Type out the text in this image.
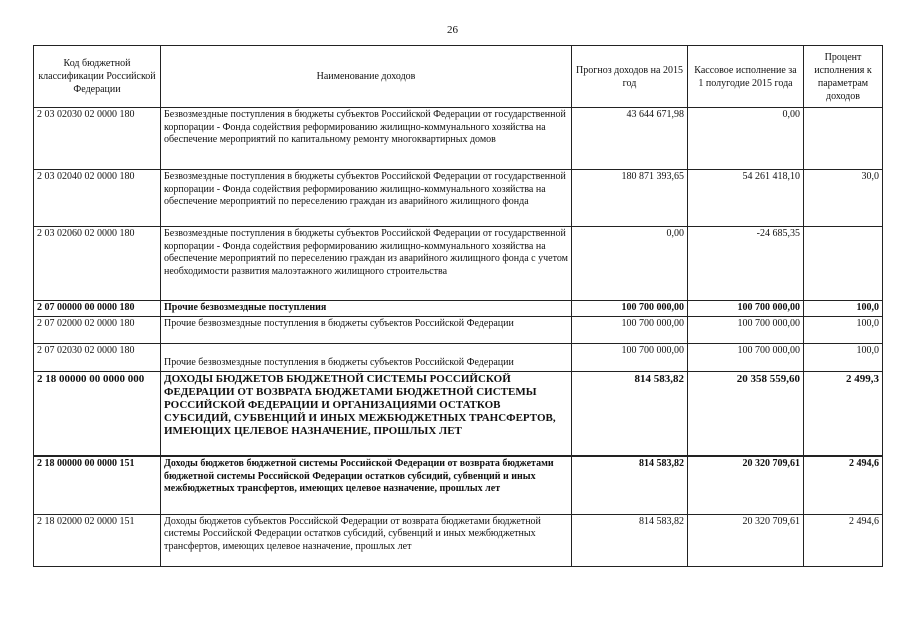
26
Код бюджетной классификации Российской Федерации	Наименование доходов	Прогноз доходов на 2015 год	Кассовое исполнение за 1 полугодие 2015 года	Процент исполнения к параметрам доходов
2 03 02030 02 0000 180	Безвозмездные поступления в бюджеты субъектов Российской Федерации от государственной корпорации - Фонда содействия реформированию жилищно-коммунального хозяйства на обеспечение мероприятий по капитальному ремонту многоквартирных домов	43 644 671,98	0,00	
2 03 02040 02 0000 180	Безвозмездные поступления в бюджеты субъектов Российской Федерации от государственной корпорации - Фонда содействия реформированию жилищно-коммунального хозяйства на обеспечение мероприятий по переселению граждан из аварийного жилищного фонда	180 871 393,65	54 261 418,10	30,0
2 03 02060 02 0000 180	Безвозмездные поступления в бюджеты субъектов Российской Федерации от государственной корпорации - Фонда содействия реформированию жилищно-коммунального хозяйства на обеспечение мероприятий по переселению граждан из аварийного жилищного фонда с учетом необходимости развития малоэтажного жилищного строительства	0,00	-24 685,35	
2 07 00000 00 0000 180	Прочие безвозмездные поступления	100 700 000,00	100 700 000,00	100,0
2 07 02000 02 0000 180	Прочие безвозмездные поступления в бюджеты субъектов Российской Федерации	100 700 000,00	100 700 000,00	100,0
2 07 02030 02 0000 180	Прочие безвозмездные поступления в бюджеты субъектов Российской Федерации	100 700 000,00	100 700 000,00	100,0
2 18 00000 00 0000 000	ДОХОДЫ БЮДЖЕТОВ БЮДЖЕТНОЙ СИСТЕМЫ РОССИЙСКОЙ ФЕДЕРАЦИИ ОТ ВОЗВРАТА БЮДЖЕТАМИ БЮДЖЕТНОЙ СИСТЕМЫ РОССИЙСКОЙ ФЕДЕРАЦИИ И ОРГАНИЗАЦИЯМИ ОСТАТКОВ СУБСИДИЙ, СУБВЕНЦИЙ И ИНЫХ МЕЖБЮДЖЕТНЫХ ТРАНСФЕРТОВ, ИМЕЮЩИХ ЦЕЛЕВОЕ НАЗНАЧЕНИЕ, ПРОШЛЫХ ЛЕТ	814 583,82	20 358 559,60	2 499,3
2 18 00000 00 0000 151	Доходы бюджетов бюджетной системы Российской Федерации от возврата бюджетами бюджетной системы Российской Федерации остатков субсидий, субвенций и иных межбюджетных трансфертов, имеющих целевое назначение, прошлых лет	814 583,82	20 320 709,61	2 494,6
2 18 02000 02 0000 151	Доходы бюджетов субъектов Российской Федерации от возврата бюджетами бюджетной системы Российской Федерации остатков субсидий, субвенций и иных межбюджетных трансфертов, имеющих целевое назначение, прошлых лет	814 583,82	20 320 709,61	2 494,6
